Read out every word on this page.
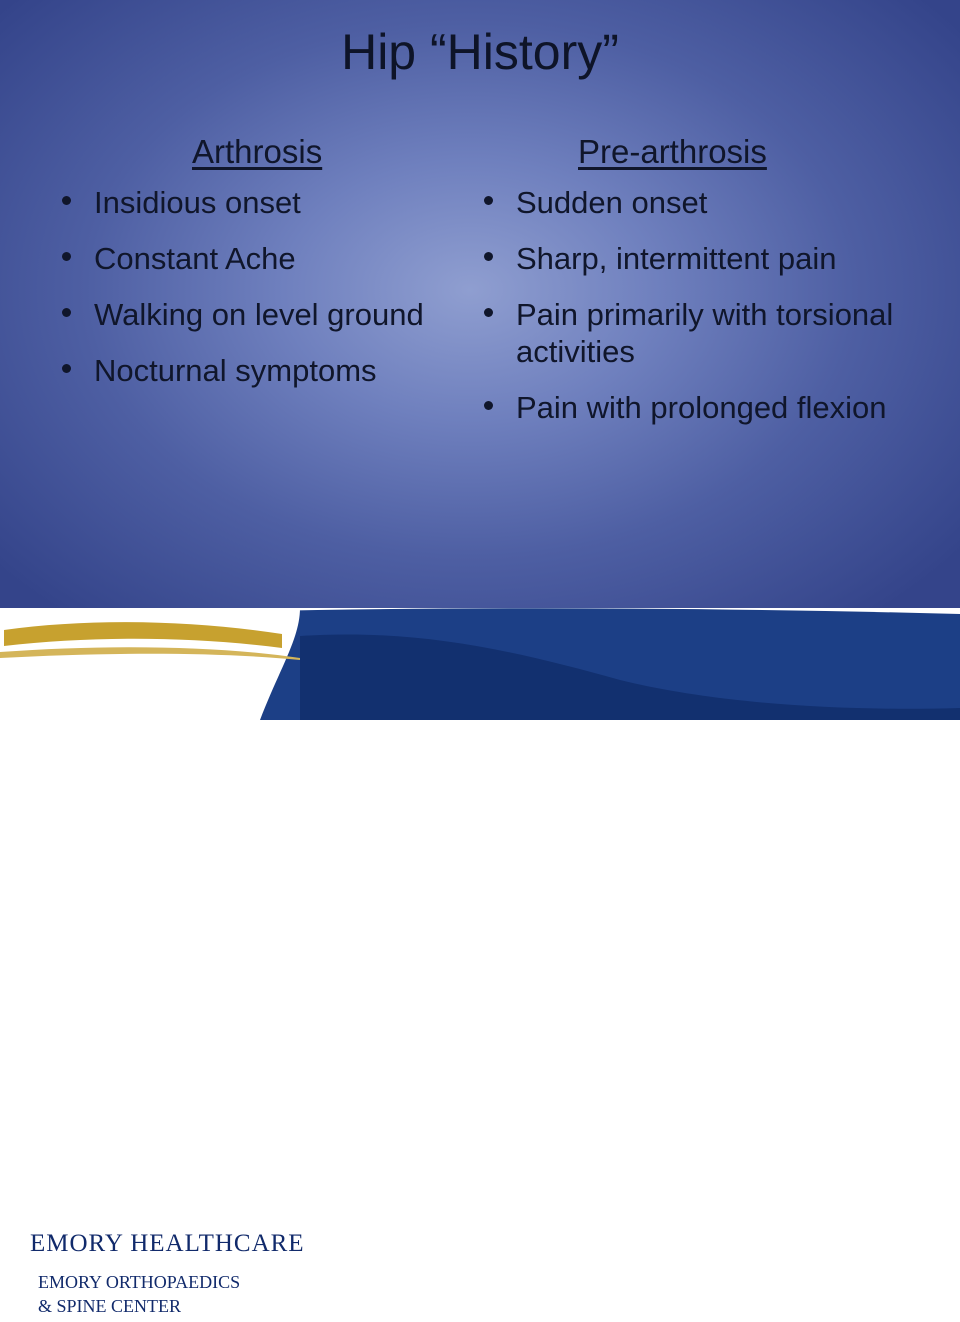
Hip “History”
Arthrosis
Insidious onset
Constant Ache
Walking on level ground
Nocturnal symptoms
Pre-arthrosis
Sudden onset
Sharp, intermittent pain
Pain primarily with torsional activities
Pain with prolonged flexion
EMORY HEALTHCARE
EMORY ORTHOPAEDICS
& SPINE CENTER	Advancing the Possibilities®
